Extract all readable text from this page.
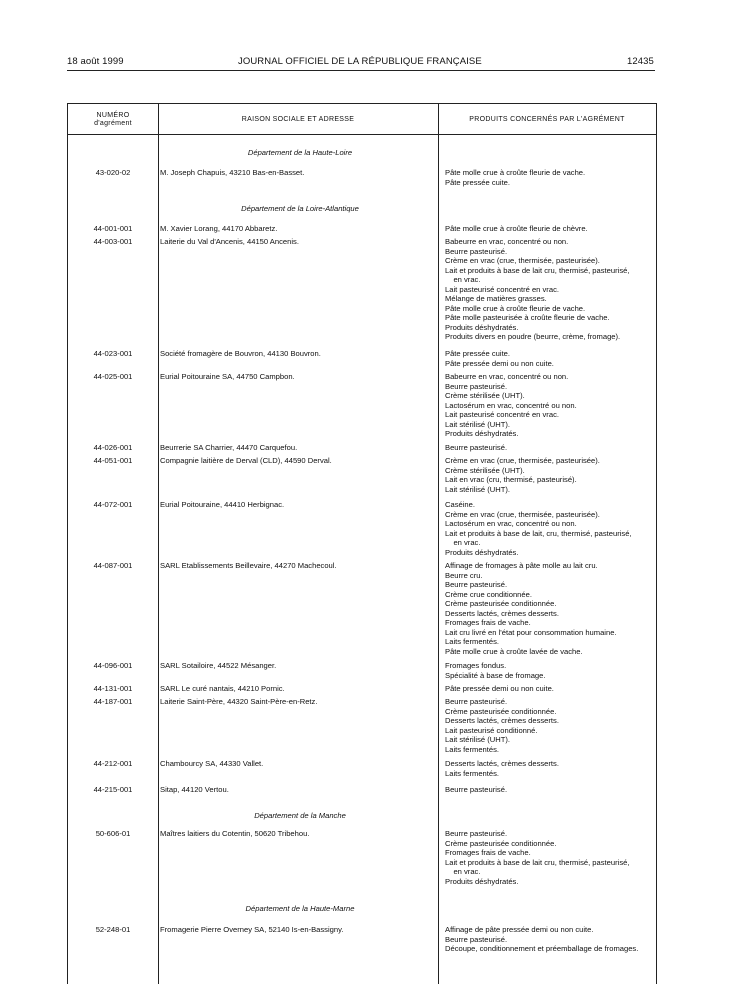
18 août 1999	JOURNAL OFFICIEL DE LA RÉPUBLIQUE FRANÇAISE	12435
NUMÉRO
d'agrément
RAISON SOCIALE ET ADRESSE	PRODUITS CONCERNÉS PAR L'AGRÉMENT
Département de la Haute-Loire
43-020-02	M. Joseph Chapuis, 43210 Bas-en-Basset.	Pâte molle crue à croûte fleurie de vache.
Pâte pressée cuite.
Département de la Loire-Atlantique
44-001-001	M. Xavier Lorang, 44170 Abbaretz.	Pâte molle crue à croûte fleurie de chèvre.
44-003-001	Laiterie du Val d'Ancenis, 44150 Ancenis.	Babeurre en vrac, concentré ou non.
Beurre pasteurisé.
Crème en vrac (crue, thermisée, pasteurisée).
Lait et produits à base de lait cru, thermisé, pasteurisé,
en vrac.
Lait pasteurisé concentré en vrac.
Mélange de matières grasses.
Pâte molle crue à croûte fleurie de vache.
Pâte molle pasteurisée à croûte fleurie de vache.
Produits déshydratés.
Produits divers en poudre (beurre, crème, fromage).
44-023-001	Société fromagère de Bouvron, 44130 Bouvron.	Pâte pressée cuite.
Pâte pressée demi ou non cuite.
44-025-001	Eurial Poitouraine SA, 44750 Campbon.	Babeurre en vrac, concentré ou non.
Beurre pasteurisé.
Crème stérilisée (UHT).
Lactosérum en vrac, concentré ou non.
Lait pasteurisé concentré en vrac.
Lait stérilisé (UHT).
Produits déshydratés.
44-026-001	Beurrerie SA Charrier, 44470 Carquefou.	Beurre pasteurisé.
44-051-001	Compagnie laitière de Derval (CLD), 44590 Derval.	Crème en vrac (crue, thermisée, pasteurisée).
Crème stérilisée (UHT).
Lait en vrac (cru, thermisé, pasteurisé).
Lait stérilisé (UHT).
44-072-001	Eurial Poitouraine, 44410 Herbignac.	Caséine.
Crème en vrac (crue, thermisée, pasteurisée).
Lactosérum en vrac, concentré ou non.
Lait et produits à base de lait, cru, thermisé, pasteurisé,
en vrac.
Produits déshydratés.
44-087-001	SARL Etablissements Beillevaire, 44270 Machecoul.	Affinage de fromages à pâte molle au lait cru.
Beurre cru.
Beurre pasteurisé.
Crème crue conditionnée.
Crème pasteurisée conditionnée.
Desserts lactés, crèmes desserts.
Fromages frais de vache.
Lait cru livré en l'état pour consommation humaine.
Laits fermentés.
Pâte molle crue à croûte lavée de vache.
44-096-001	SARL Sotailoire, 44522 Mésanger.	Fromages fondus.
Spécialité à base de fromage.
44-131-001	SARL Le curé nantais, 44210 Pornic.	Pâte pressée demi ou non cuite.
44-187-001	Laiterie Saint-Père, 44320 Saint-Père-en-Retz.	Beurre pasteurisé.
Crème pasteurisée conditionnée.
Desserts lactés, crèmes desserts.
Lait pasteurisé conditionné.
Lait stérilisé (UHT).
Laits fermentés.
44-212-001	Chambourcy SA, 44330 Vallet.	Desserts lactés, crèmes desserts.
Laits fermentés.
44-215-001	Sitap, 44120 Vertou.	Beurre pasteurisé.
Département de la Manche
50-606-01	Maîtres laitiers du Cotentin, 50620 Tribehou.	Beurre pasteurisé.
Crème pasteurisée conditionnée.
Fromages frais de vache.
Lait et produits à base de lait cru, thermisé, pasteurisé,
en vrac.
Produits déshydratés.
Département de la Haute-Marne
52-248-01	Fromagerie Pierre Overney SA, 52140 Is-en-Bassigny.	Affinage de pâte pressée demi ou non cuite.
Beurre pasteurisé.
Découpe, conditionnement et préemballage de fromages.
